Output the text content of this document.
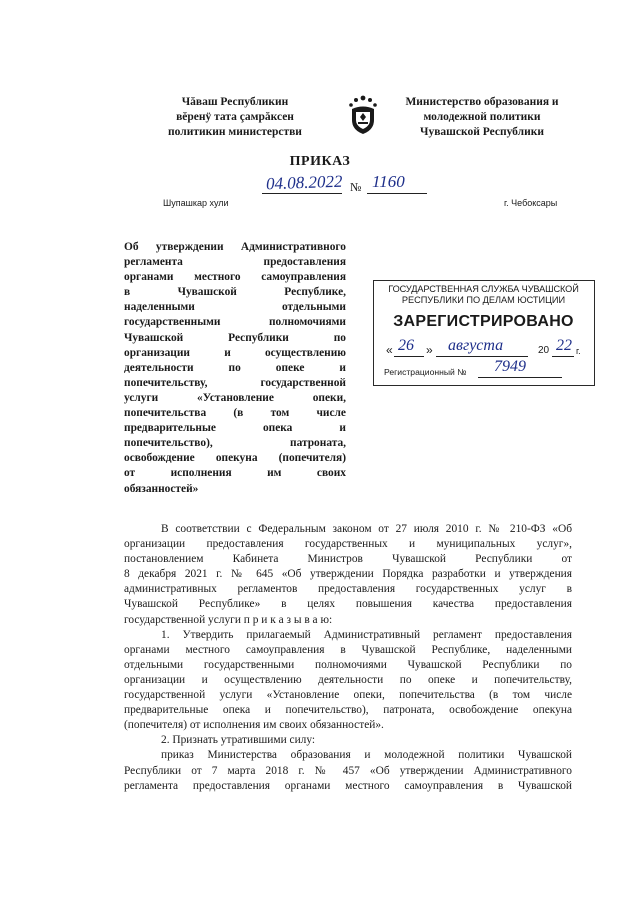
Чăваш Республикин
вĕренÿ тата çамрăксен
политикин министерстви
Министерство образования и
молодежной политики
Чувашской Республики
ПРИКАЗ
04.08.2022 № 1160
Шупашкар хули	г. Чебоксары
Об утверждении Административного
регламента предоставления
органами местного самоуправления
в Чувашской Республике,
наделенными отдельными
государственными полномочиями
Чувашской Республики по
организации и осуществлению
деятельности по опеке и
попечительству, государственной
услуги «Установление опеки,
попечительства (в том числе
предварительные опека и
попечительство), патроната,
освобождение опекуна (попечителя)
от исполнения им своих
обязанностей»
ГОСУДАРСТВЕННАЯ СЛУЖБА ЧУВАШСКОЙ
РЕСПУБЛИКИ ПО ДЕЛАМ ЮСТИЦИИ
ЗАРЕГИСТРИРОВАНО
« 26 » августа	20 22 г.
Регистрационный № 7949
В соответствии с Федеральным законом от 27 июля 2010 г. № 210-ФЗ «Об
организации предоставления государственных и муниципальных услуг»,
постановлением Кабинета Министров Чувашской Республики от
8 декабря 2021 г. № 645 «Об утверждении Порядка разработки и утверждения
административных регламентов предоставления государственных услуг в
Чувашской Республике» в целях повышения качества предоставления
государственной услуги п р и к а з ы в а ю:
1. Утвердить прилагаемый Административный регламент предоставления
органами местного самоуправления в Чувашской Республике, наделенными
отдельными государственными полномочиями Чувашской Республики по
организации и осуществлению деятельности по опеке и попечительству,
государственной услуги «Установление опеки, попечительства (в том числе
предварительные опека и попечительство), патроната, освобождение опекуна
(попечителя) от исполнения им своих обязанностей».
2. Признать утратившими силу:
приказ Министерства образования и молодежной политики Чувашской
Республики от 7 марта 2018 г. № 457 «Об утверждении Административного
регламента предоставления органами местного самоуправления в Чувашской
